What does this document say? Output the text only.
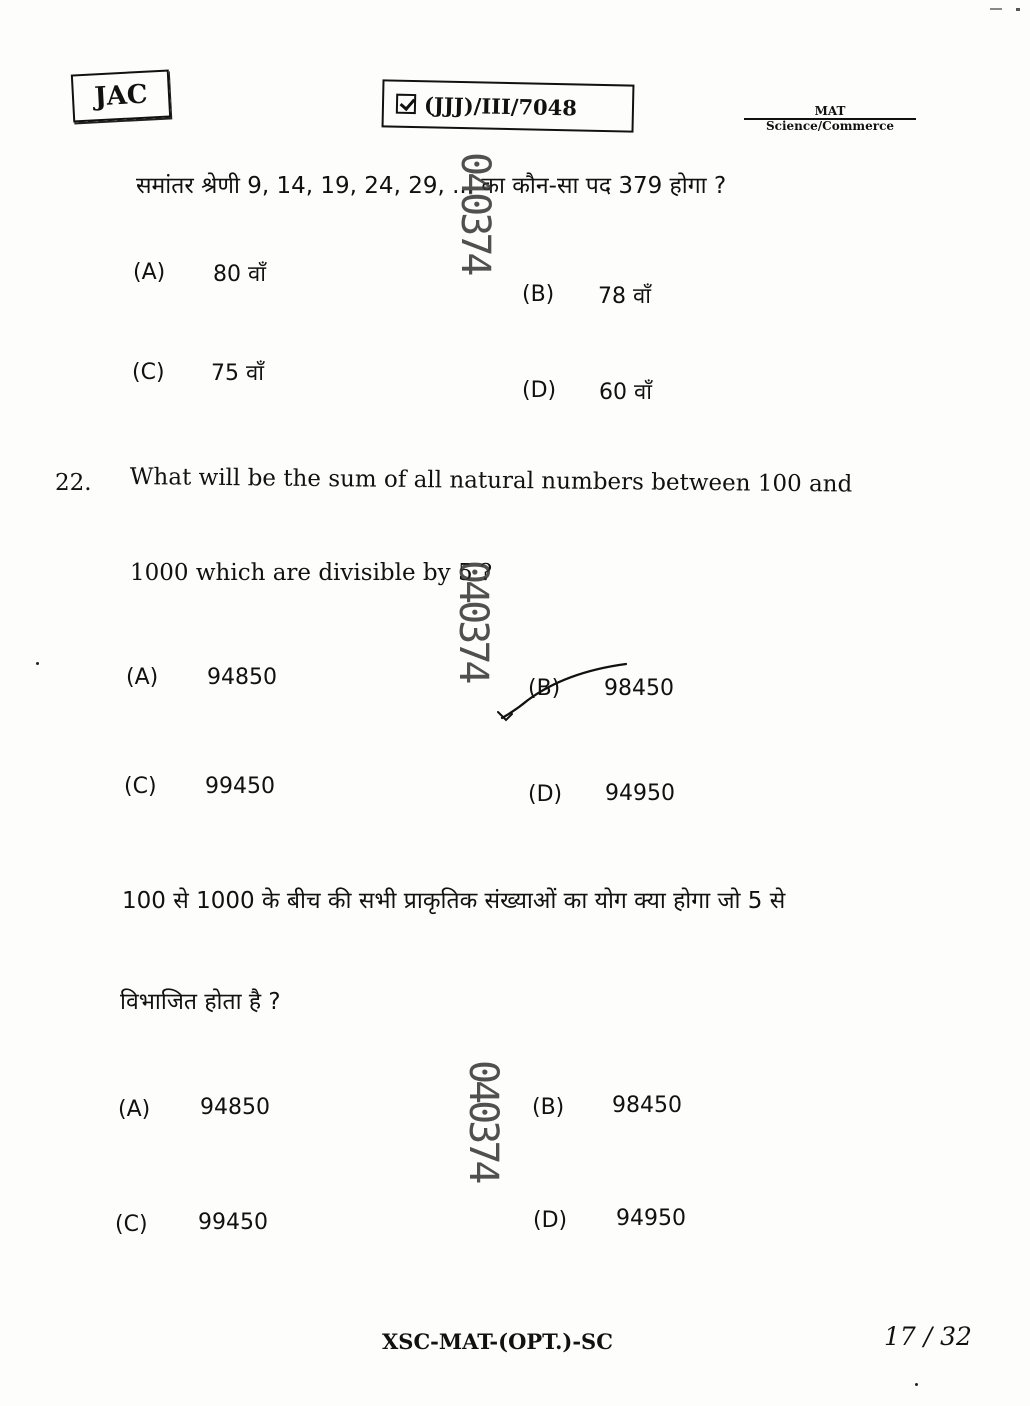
JAC	(JJJ)/III/7048	MAT
Science/Commerce
समांतर श्रेणी 9, 14, 19, 24, 29, ... का कौन-सा पद 379 होगा ?
(A) 80 वाँ
(B) 78 वाँ
(C) 75 वाँ
(D) 60 वाँ
22. What will be the sum of all natural numbers between 100 and
1000 which are divisible by 5 ?
(A) 94850	(B) 98450
(C) 99450	(D) 94950
100 से 1000 के बीच की सभी प्राकृतिक संख्याओं का योग क्या होगा जो 5 से
विभाजित होता है ?
(A) 94850	(B) 98450
(C) 99450	(D) 94950
040374
040374
040374
XSC-MAT-(OPT.)-SC	17 / 32
